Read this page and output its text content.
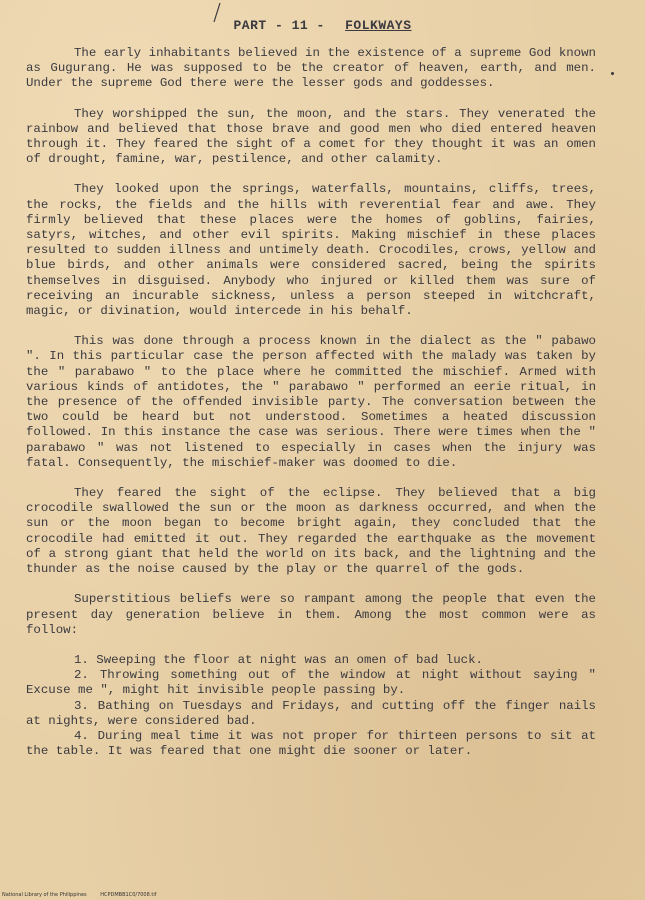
PART - 11 - FOLKWAYS

The early inhabitants believed in the existence of a supreme God known as Gugurang. He was supposed to be the creator of heaven, earth, and men. Under the supreme God there were the lesser gods and goddesses.

They worshipped the sun, the moon, and the stars. They venerated the rainbow and believed that those brave and good men who died entered heaven through it. They feared the sight of a comet for they thought it was an omen of drought, famine, war, pestilence, and other calamity.

They looked upon the springs, waterfalls, mountains, cliffs, trees, the rocks, the fields and the hills with reverential fear and awe. They firmly believed that these places were the homes of goblins, fairies, satyrs, witches, and other evil spirits. Making mischief in these places resulted to sudden illness and untimely death. Crocodiles, crows, yellow and blue birds, and other animals were considered sacred, being the spirits themselves in disguised. Anybody who injured or killed them was sure of receiving an incurable sickness, unless a person steeped in witchcraft, magic, or divination, would intercede in his behalf.

This was done through a process known in the dialect as the " pabawo ". In this particular case the person affected with the malady was taken by the " parabawo " to the place where he committed the mischief. Armed with various kinds of antidotes, the " parabawo " performed an eerie ritual, in the presence of the offended invisible party. The conversation between the two could be heard but not understood. Sometimes a heated discussion followed. In this instance the case was serious. There were times when the " parabawo " was not listened to especially in cases when the injury was fatal. Consequently, the mischief-maker was doomed to die.

They feared the sight of the eclipse. They believed that a big crocodile swallowed the sun or the moon as darkness occurred, and when the sun or the moon began to become bright again, they concluded that the crocodile had emitted it out. They regarded the earthquake as the movement of a strong giant that held the world on its back, and the lightning and the thunder as the noise caused by the play or the quarrel of the gods.

Superstitious beliefs were so rampant among the people that even the present day generation believe in them. Among the most common were as follow:

1. Sweeping the floor at night was an omen of bad luck.

2. Throwing something out of the window at night without saying " Excuse me ", might hit invisible people passing by.

3. Bathing on Tuesdays and Fridays, and cutting off the finger nails at nights, were considered bad.

4. During meal time it was not proper for thirteen persons to sit at the table. It was feared that one might die sooner or later.

National Library of the Philippines	HCPDMBB1C0/7008.tif
